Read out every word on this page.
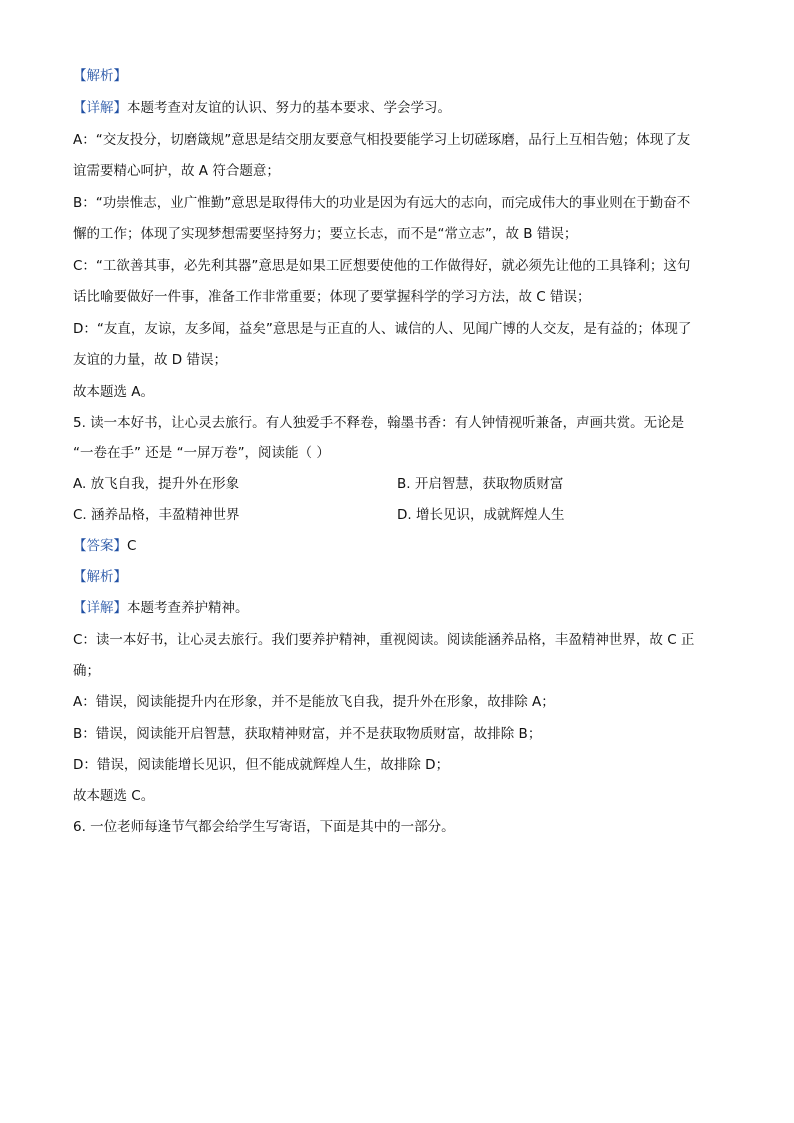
【解析】
【详解】本题考查对友谊的认识、努力的基本要求、学会学习。
A：“交友投分，切磨箴规”意思是结交朋友要意气相投要能学习上切磋琢磨，品行上互相告勉；体现了友
谊需要精心呵护，故 A 符合题意；
B：“功崇惟志，业广惟勤”意思是取得伟大的功业是因为有远大的志向，而完成伟大的事业则在于勤奋不
懈的工作；体现了实现梦想需要坚持努力；要立长志，而不是“常立志”，故 B 错误；
C：“工欲善其事，必先利其器”意思是如果工匠想要使他的工作做得好，就必须先让他的工具锋利；这句
话比喻要做好一件事，准备工作非常重要；体现了要掌握科学的学习方法，故 C 错误；
D：“友直，友谅，友多闻，益矣”意思是与正直的人、诚信的人、见闻广博的人交友，是有益的；体现了
友谊的力量，故 D 错误；
故本题选 A。
5. 读一本好书，让心灵去旅行。有人独爱手不释卷，翰墨书香：有人钟情视听兼备，声画共赏。无论是
“一卷在手” 还是 “一屏万卷”，阅读能（ ）
A. 放飞自我，提升外在形象	B. 开启智慧，获取物质财富
C. 涵养品格，丰盈精神世界	D. 增长见识，成就辉煌人生
【答案】C
【解析】
【详解】本题考查养护精神。
C：读一本好书，让心灵去旅行。我们要养护精神，重视阅读。阅读能涵养品格，丰盈精神世界，故 C 正
确；
A：错误，阅读能提升内在形象，并不是能放飞自我，提升外在形象，故排除 A；
B：错误，阅读能开启智慧，获取精神财富，并不是获取物质财富，故排除 B；
D：错误，阅读能增长见识，但不能成就辉煌人生，故排除 D；
故本题选 C。
6. 一位老师每逢节气都会给学生写寄语，下面是其中的一部分。
